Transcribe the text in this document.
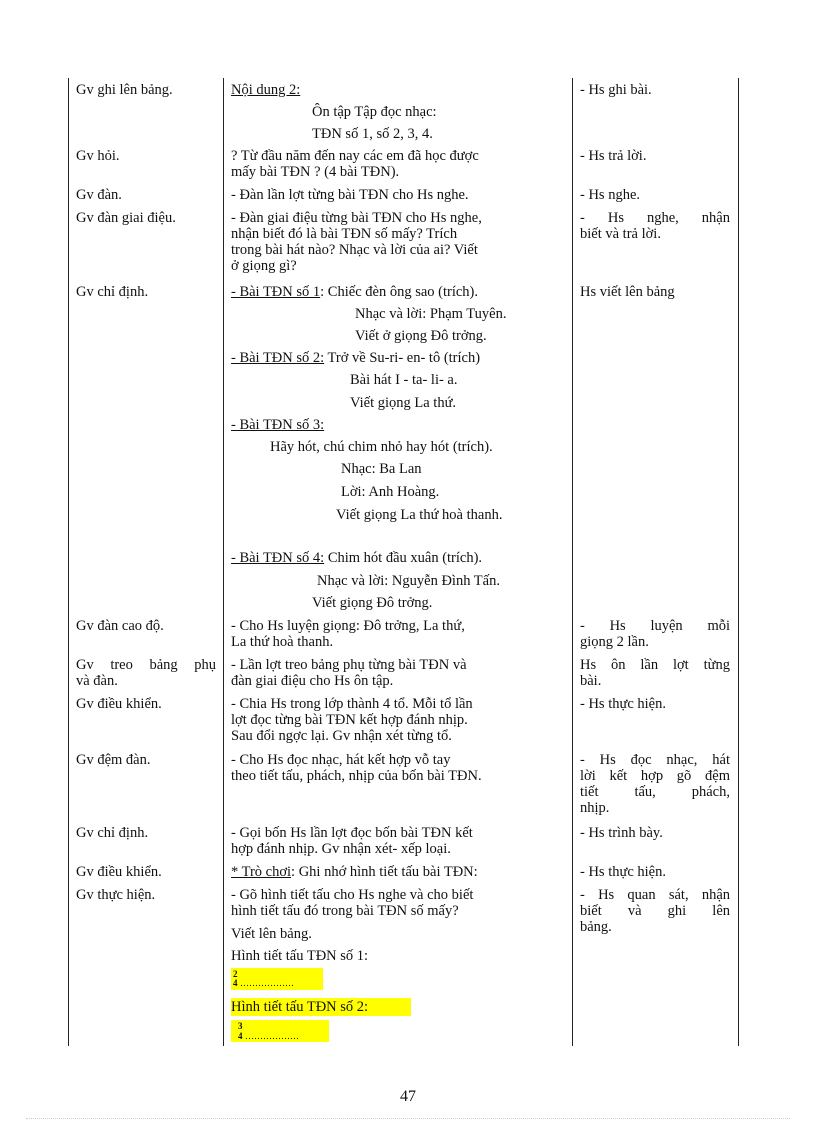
Gv ghi lên bảng.
Gv hỏi.
Gv đàn.
Gv đàn giai điệu.
Gv chỉ định.
Gv đàn cao độ.
Gv treo bảng phụ
và đàn.
Gv điều khiển.
Gv đệm đàn.
Gv chỉ định.
Gv điều khiển.
Gv thực hiện.
Nội dung 2:
Ôn tập Tập đọc nhạc:
TĐN số 1, số 2, 3, 4.
? Từ đầu năm đến nay các em đã học được
mấy bài TĐN ? (4 bài TĐN).
- Đàn lần lợt từng bài TĐN cho Hs nghe.
- Đàn giai điệu từng bài TĐN cho Hs nghe,
nhận biết đó là bài TĐN số mấy? Trích
trong bài hát nào? Nhạc và lời của ai? Viết
ở giọng gì?
- Bài TĐN số 1: Chiếc đèn ông sao (trích).
Nhạc và lời: Phạm Tuyên.
Viết ở giọng Đô trởng.
- Bài TĐN số 2: Trở về Su-ri- en- tô (trích)
Bài hát I - ta- li- a.
Viết giọng La thứ.
- Bài TĐN số 3:
Hãy hót, chú chim nhỏ hay hót (trích).
Nhạc: Ba Lan
Lời: Anh Hoàng.
Viết giọng La thứ hoà thanh.
- Bài TĐN số 4: Chim hót đầu xuân (trích).
Nhạc và lời: Nguyễn Đình Tấn.
Viết giọng Đô trởng.
- Cho Hs luyện giọng: Đô trởng, La thứ,
La thứ hoà thanh.
- Lần lợt treo bảng phụ từng bài TĐN và
đàn giai điệu cho Hs ôn tập.
- Chia Hs trong lớp thành 4 tổ. Mỗi tổ lần
lợt đọc từng bài TĐN kết hợp đánh nhịp.
Sau đổi ngợc lại. Gv nhận xét từng tổ.
- Cho Hs đọc nhạc, hát kết hợp vỗ tay
theo tiết tấu, phách, nhịp của bốn bài TĐN.
- Gọi bốn Hs lần lợt đọc bốn bài TĐN kết
hợp đánh nhịp. Gv nhận xét- xếp loại.
* Trò chơi: Ghi nhớ hình tiết tấu bài TĐN:
- Gõ hình tiết tấu cho Hs nghe và cho biết
hình tiết tấu đó trong bài TĐN số mấy?
Viết lên bảng.
Hình tiết tấu TĐN số 1:
2
4 ………………
Hình tiết tấu TĐN số 2:
3
4 ………………
- Hs ghi bài.
- Hs trả lời.
- Hs nghe.
- Hs nghe, nhận
biết và trả lời.
Hs viết lên bảng
- Hs luyện mỗi
giọng 2 lần.
Hs ôn lần lợt từng
bài.
- Hs thực hiện.
- Hs đọc nhạc, hát
lời kết hợp gõ đệm
tiết tấu, phách,
nhịp.
- Hs trình bày.
- Hs thực hiện.
- Hs quan sát, nhận
biết và ghi lên
bảng.
47
